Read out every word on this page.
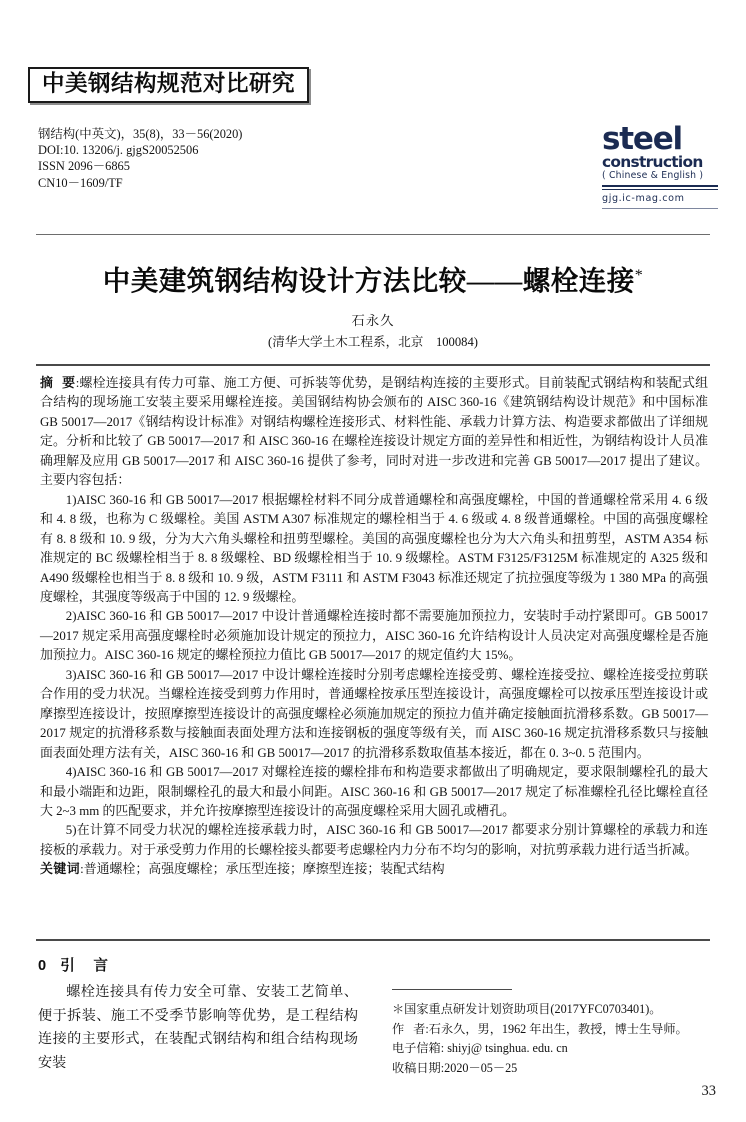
中美钢结构规范对比研究
钢结构(中英文)，35(8)，33－56(2020)
DOI:10. 13206/j. gjgS20052506
ISSN 2096－6865
CN10－1609/TF
steel
construction
( Chinese & English )
gjg.ic-mag.com
中美建筑钢结构设计方法比较——螺栓连接*
石永久
(清华大学土木工程系，北京　100084)

摘要:螺栓连接具有传力可靠、施工方便、可拆装等优势，是钢结构连接的主要形式。目前装配式钢结构和装配式组合结构的现场施工安装主要采用螺栓连接。美国钢结构协会颁布的 AISC 360-16《建筑钢结构设计规范》和中国标准 GB 50017—2017《钢结构设计标准》对钢结构螺栓连接形式、材料性能、承载力计算方法、构造要求都做出了详细规定。分析和比较了 GB 50017—2017 和 AISC 360-16 在螺栓连接设计规定方面的差异性和相近性，为钢结构设计人员准确理解及应用 GB 50017—2017 和 AISC 360-16 提供了参考，同时对进一步改进和完善 GB 50017—2017 提出了建议。主要内容包括：

1)AISC 360-16 和 GB 50017—2017 根据螺栓材料不同分成普通螺栓和高强度螺栓，中国的普通螺栓常采用 4. 6 级和 4. 8 级，也称为 C 级螺栓。美国 ASTM A307 标准规定的螺栓相当于 4. 6 级或 4. 8 级普通螺栓。中国的高强度螺栓有 8. 8 级和 10. 9 级，分为大六角头螺栓和扭剪型螺栓。美国的高强度螺栓也分为大六角头和扭剪型，ASTM A354 标准规定的 BC 级螺栓相当于 8. 8 级螺栓、BD 级螺栓相当于 10. 9 级螺栓。ASTM F3125/F3125M 标准规定的 A325 级和 A490 级螺栓也相当于 8. 8 级和 10. 9 级，ASTM F3111 和 ASTM F3043 标准还规定了抗拉强度等级为 1 380 MPa 的高强度螺栓，其强度等级高于中国的 12. 9 级螺栓。

2)AISC 360-16 和 GB 50017—2017 中设计普通螺栓连接时都不需要施加预拉力，安装时手动拧紧即可。GB 50017—2017 规定采用高强度螺栓时必须施加设计规定的预拉力，AISC 360-16 允许结构设计人员决定对高强度螺栓是否施加预拉力。AISC 360-16 规定的螺栓预拉力值比 GB 50017—2017 的规定值约大 15%。

3)AISC 360-16 和 GB 50017—2017 中设计螺栓连接时分别考虑螺栓连接受剪、螺栓连接受拉、螺栓连接受拉剪联合作用的受力状况。当螺栓连接受到剪力作用时，普通螺栓按承压型连接设计，高强度螺栓可以按承压型连接设计或摩擦型连接设计，按照摩擦型连接设计的高强度螺栓必须施加规定的预拉力值并确定接触面抗滑移系数。GB 50017—2017 规定的抗滑移系数与接触面表面处理方法和连接钢板的强度等级有关，而 AISC 360-16 规定抗滑移系数只与接触面表面处理方法有关，AISC 360-16 和 GB 50017—2017 的抗滑移系数取值基本接近，都在 0. 3~0. 5 范围内。

4)AISC 360-16 和 GB 50017—2017 对螺栓连接的螺栓排布和构造要求都做出了明确规定，要求限制螺栓孔的最大和最小端距和边距，限制螺栓孔的最大和最小间距。AISC 360-16 和 GB 50017—2017 规定了标准螺栓孔径比螺栓直径大 2~3 mm 的匹配要求，并允许按摩擦型连接设计的高强度螺栓采用大圆孔或槽孔。

5)在计算不同受力状况的螺栓连接承载力时，AISC 360-16 和 GB 50017—2017 都要求分别计算螺栓的承载力和连接板的承载力。对于承受剪力作用的长螺栓接头都要考虑螺栓内力分布不均匀的影响，对抗剪承载力进行适当折减。

关键词:普通螺栓；高强度螺栓；承压型连接；摩擦型连接；装配式结构

0 引　言
螺栓连接具有传力安全可靠、安装工艺简单、便于拆装、施工不受季节影响等优势，是工程结构连接的主要形式，在装配式钢结构和组合结构现场安装
＊国家重点研发计划资助项目(2017YFC0703401)。
作者:石永久，男，1962 年出生，教授，博士生导师。
电子信箱: shiyj@ tsinghua. edu. cn
收稿日期:2020－05－25
33
